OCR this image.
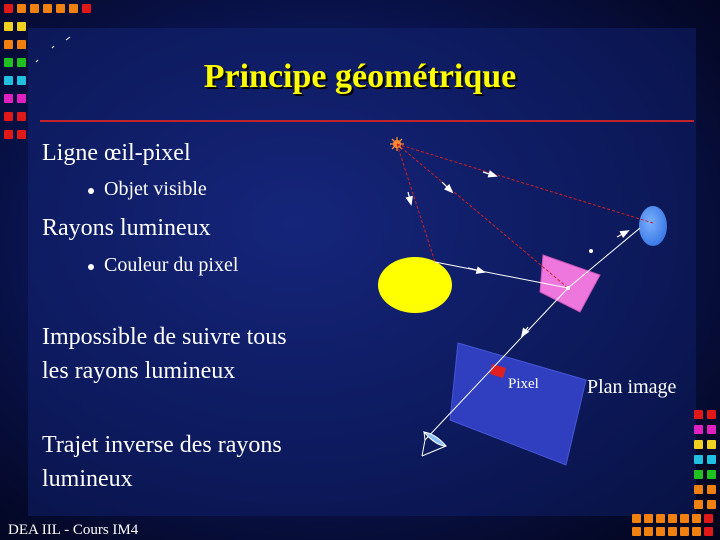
Principe géométrique
Ligne œil-pixel
Objet visible
Rayons lumineux
Couleur du pixel
Impossible de suivre tous
les rayons lumineux
Trajet inverse des rayons
lumineux
Pixel Plan image
DEA IIL - Cours IM4
